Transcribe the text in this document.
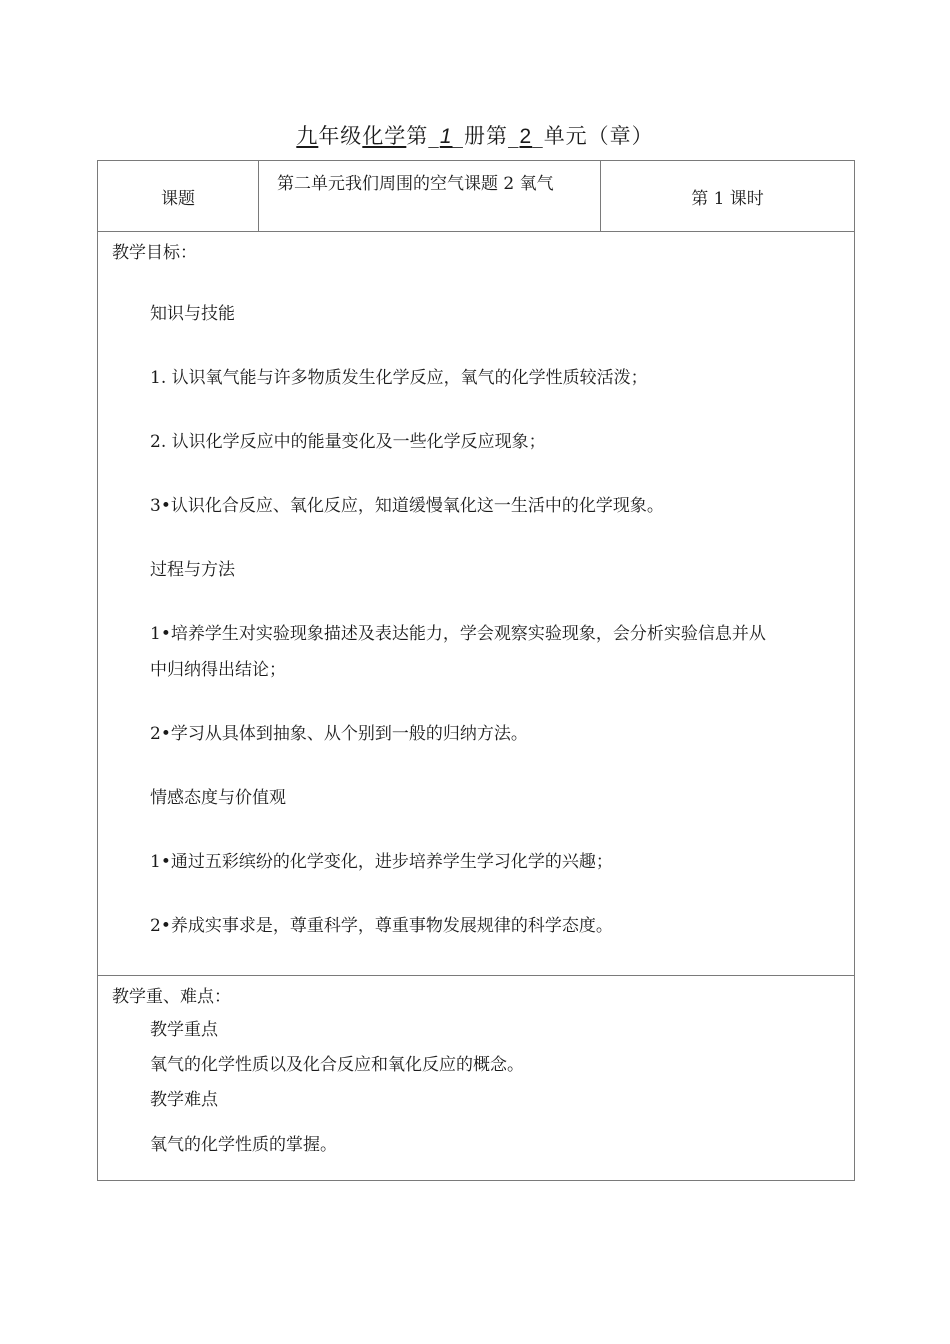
九年级化学第_1_册第_2_单元（章）
课题	第二单元我们周围的空气课题 2 氧气	第 1 课时

教学目标：
知识与技能
1. 认识氧气能与许多物质发生化学反应，氧气的化学性质较活泼；
2. 认识化学反应中的能量变化及一些化学反应现象；
3•认识化合反应、氧化反应，知道缓慢氧化这一生活中的化学现象。
过程与方法
1•培养学生对实验现象描述及表达能力，学会观察实验现象，会分析实验信息并从
中归纳得出结论；
2•学习从具体到抽象、从个别到一般的归纳方法。
情感态度与价值观
1•通过五彩缤纷的化学变化，进步培养学生学习化学的兴趣；
2•养成实事求是，尊重科学，尊重事物发展规律的科学态度。

教学重、难点：
教学重点
氧气的化学性质以及化合反应和氧化反应的概念。
教学难点
氧气的化学性质的掌握。
